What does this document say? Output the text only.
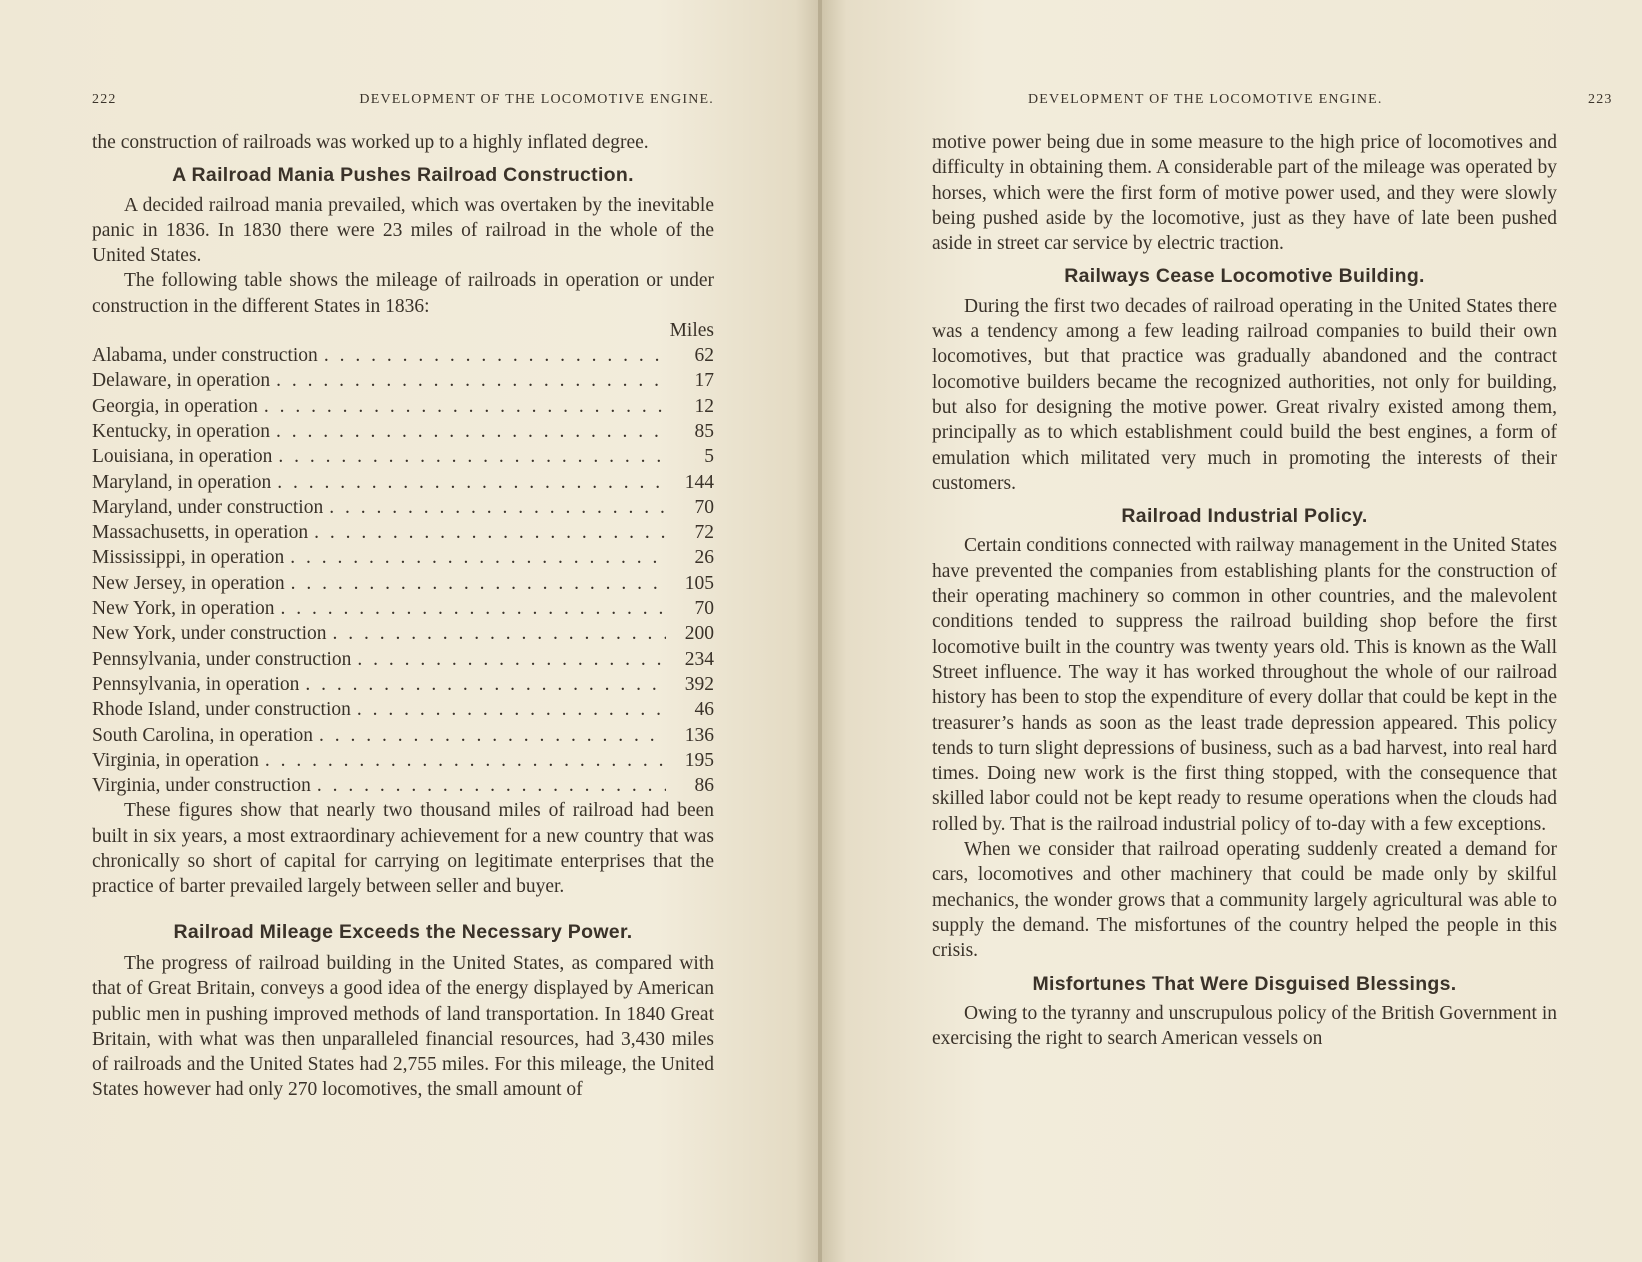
222	DEVELOPMENT OF THE LOCOMOTIVE ENGINE.

the construction of railroads was worked up to a highly inflated degree.

A Railroad Mania Pushes Railroad Construction.

A decided railroad mania prevailed, which was overtaken by the inevitable panic in 1836. In 1830 there were 23 miles of railroad in the whole of the United States.

The following table shows the mileage of railroads in operation or under construction in the different States in 1836:

Miles
Alabama, under construction . . .	62
Delaware, in operation . . .	17
Georgia, in operation . . .	12
Kentucky, in operation . . .	85
Louisiana, in operation . . .	5
Maryland, in operation . . .	144
Maryland, under construction . . .	70
Massachusetts, in operation . . .	72
Mississippi, in operation . . .	26
New Jersey, in operation . . .	105
New York, in operation . . .	70
New York, under construction . . .	200
Pennsylvania, under construction . . .	234
Pennsylvania, in operation . . .	392
Rhode Island, under construction . . .	46
South Carolina, in operation . . .	136
Virginia, in operation . . .	195
Virginia, under construction . . .	86

These figures show that nearly two thousand miles of railroad had been built in six years, a most extraordinary achievement for a new country that was chronically so short of capital for carrying on legitimate enterprises that the practice of barter prevailed largely between seller and buyer.

Railroad Mileage Exceeds the Necessary Power.

The progress of railroad building in the United States, as compared with that of Great Britain, conveys a good idea of the energy displayed by American public men in pushing improved methods of land transportation. In 1840 Great Britain, with what was then unparalleled financial resources, had 3,430 miles of railroads and the United States had 2,755 miles. For this mileage, the United States however had only 270 locomotives, the small amount of

DEVELOPMENT OF THE LOCOMOTIVE ENGINE.	223

motive power being due in some measure to the high price of locomotives and difficulty in obtaining them. A considerable part of the mileage was operated by horses, which were the first form of motive power used, and they were slowly being pushed aside by the locomotive, just as they have of late been pushed aside in street car service by electric traction.

Railways Cease Locomotive Building.

During the first two decades of railroad operating in the United States there was a tendency among a few leading railroad companies to build their own locomotives, but that practice was gradually abandoned and the contract locomotive builders became the recognized authorities, not only for building, but also for designing the motive power. Great rivalry existed among them, principally as to which establishment could build the best engines, a form of emulation which militated very much in promoting the interests of their customers.

Railroad Industrial Policy.

Certain conditions connected with railway management in the United States have prevented the companies from establishing plants for the construction of their operating machinery so common in other countries, and the malevolent conditions tended to suppress the railroad building shop before the first locomotive built in the country was twenty years old. This is known as the Wall Street influence. The way it has worked throughout the whole of our railroad history has been to stop the expenditure of every dollar that could be kept in the treasurer’s hands as soon as the least trade depression appeared. This policy tends to turn slight depressions of business, such as a bad harvest, into real hard times. Doing new work is the first thing stopped, with the consequence that skilled labor could not be kept ready to resume operations when the clouds had rolled by. That is the railroad industrial policy of to-day with a few exceptions.

When we consider that railroad operating suddenly created a demand for cars, locomotives and other machinery that could be made only by skilful mechanics, the wonder grows that a community largely agricultural was able to supply the demand. The misfortunes of the country helped the people in this crisis.

Misfortunes That Were Disguised Blessings.

Owing to the tyranny and unscrupulous policy of the British Government in exercising the right to search American vessels on
